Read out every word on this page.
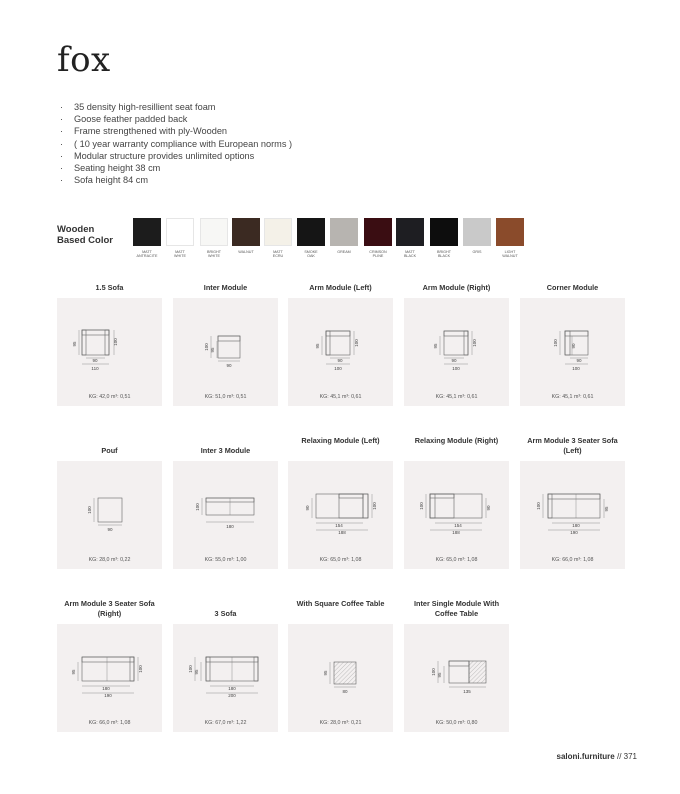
fox
· 35 density high-resillient seat foam
· Goose feather padded back
· Frame strengthened with ply-Wooden
· ( 10 year warranty compliance with European norms )
· Modular structure provides unlimited options
· Seating height 38 cm
· Sofa height 84 cm
Wooden
Based Color
MATT
ANTRACITE
MATT
WHITE
BRIGHT
WHITE
WALNUT	MATT
ECRU
SMOKE
OAK
GREAM	CRIMSON
PLINE
MATT
BLACK
BRIGHT
BLACK
GRIS	LIGHT
WALNUT
1.5 Sofa
95	100
90
110
KG: 42,0 m³: 0,51
Inter Module
100 95
90
KG: 51,0 m³: 0,51
Arm Module (Left)
95	100
90
100
KG: 45,1 m³: 0,61
Arm Module (Right)
95	100
90
100
KG: 45,1 m³: 0,61
Corner Module
100	90
90
100
KG: 45,1 m³: 0,61
Pouf
100
90
KG: 28,0 m³: 0,22
Inter 3 Module
100
180
KG: 55,0 m³: 1,00
Relaxing Module (Left)
90	100
154
188
KG: 65,0 m³: 1,08
Relaxing Module (Right)
100	90
154
188
KG: 65,0 m³: 1,08
Arm Module 3 Seater Sofa (Left)
100	95
180
190
KG: 66,0 m³: 1,08
Arm Module 3 Seater Sofa (Right)
95	100
180
190
KG: 66,0 m³: 1,08
3 Sofa
100 95
180
200
KG: 67,0 m³: 1,22
With Square Coffee Table
95
80
KG: 28,0 m³: 0,21
Inter Single Module With Coffee Table
100 95
135
KG: 50,0 m³: 0,80
saloni.furniture // 371
